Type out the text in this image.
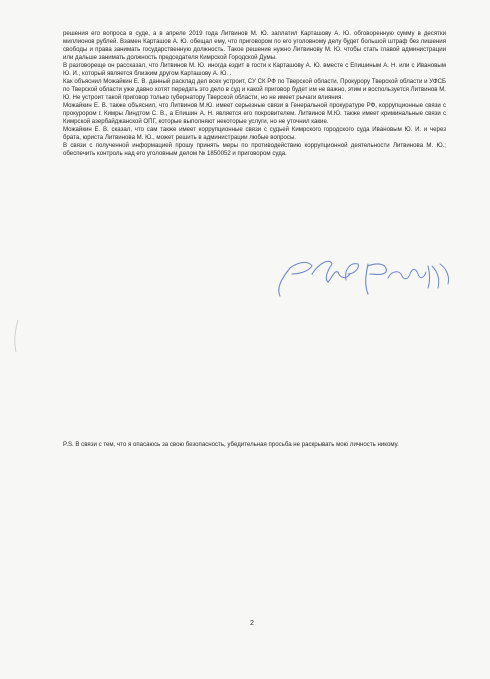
решения его вопроса в суде, а в апреле 2019 года Литвинов М. Ю. заплатил Карташову А. Ю. обговоренную сумму в десятки миллионов рублей. Взамен Карташов А. Ю. обещал ему, что приговором по его уголовному делу будет большой штраф без лишения свободы и права занимать государственную должность. Такое решение нужно Литвинову М. Ю. чтобы стать главой администрации или дальше занимать должность председателя Кимрской Городской Думы.

В разговореще он рассказал, что Литвинов М. Ю. иногда ездит в гости к Карташову А. Ю. вместе с Епишиным А. Н. или с Ивановым Ю. И., который является близким другом Карташову А. Ю. .

Как объяснил Можайкин Е. В. данный расклад дел всех устроит, СУ СК РФ по Тверской области, Прокурору Тверской области и УФСБ по Тверской области уже давно хотят передать это дело в суд и какой приговор будет им не важно, этим и воспользуется Литвинов М. Ю. Не устроит такой приговор только губернатору Тверской области, но не имеет рычаги влияния.

Можайкин Е. В. также объяснил, что Литвинов М.Ю. имеет серьезные связи в Генеральной прокуратуре РФ, коррупционные связи с прокурором г. Кимры Линдтом С. В., а Епишин А. Н. является его покровителем. Литвинов М.Ю. также имеет криминальные связи с Кимрской азербайджанской ОПГ, которые выполняют некоторые услуги, но не уточнил какие.

Можайкин Е. В. сказал, что сам также имеет коррупционные связи с судьей Кимрского городского суда Ивановым Ю. И. и через брата, юриста Литвинова М. Ю., может решить в администрации любые вопросы.

В связи с полученной информацией прошу принять меры по противодействию коррупционной деятельности Литвинова М. Ю.; обеспечить контроль над его уголовным делом № 1850052 и приговором суда.

P.S. В связи с тем, что я опасаюсь за свою безопасность, убедительная просьба не раскрывать мою личность никому.
2
